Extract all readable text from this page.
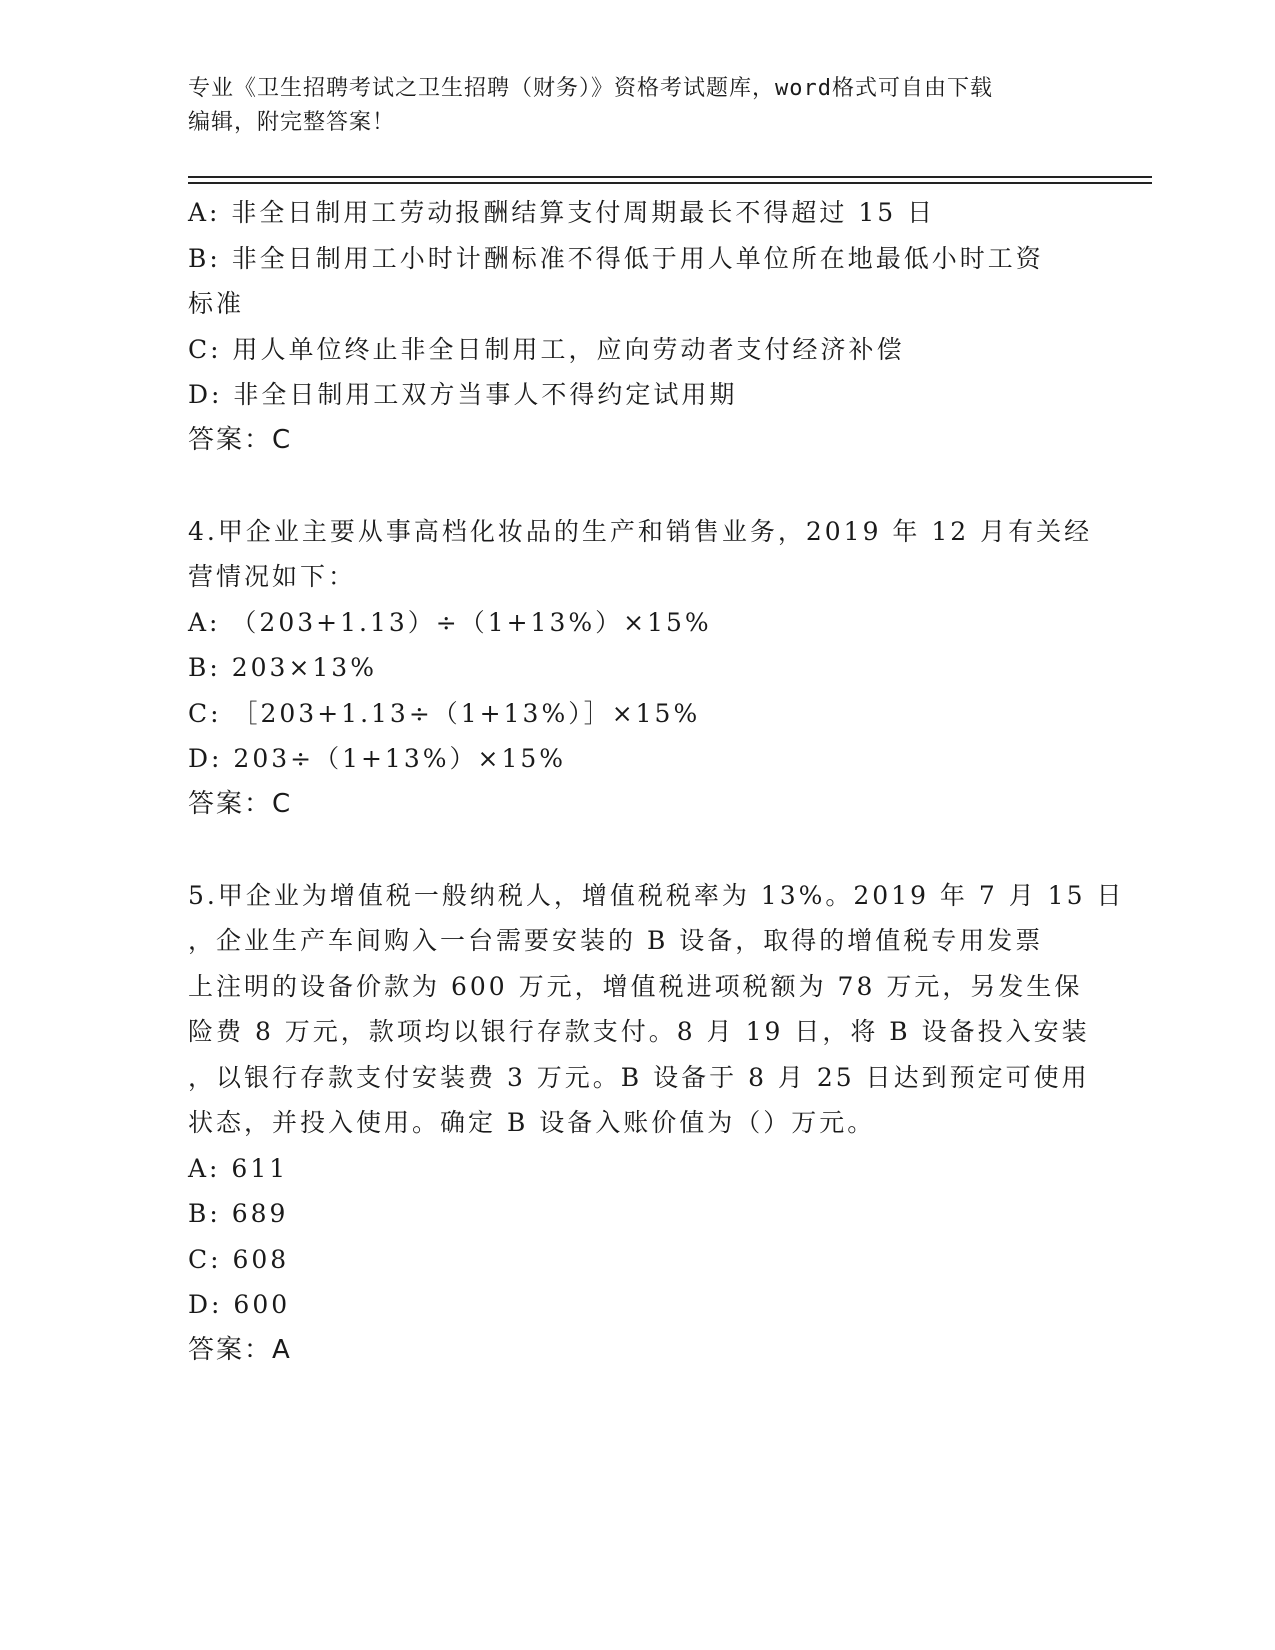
专业《卫生招聘考试之卫生招聘（财务）》资格考试题库，word格式可自由下载
编辑，附完整答案！
A: 非全日制用工劳动报酬结算支付周期最长不得超过 15 日
B: 非全日制用工小时计酬标准不得低于用人单位所在地最低小时工资
标准
C: 用人单位终止非全日制用工，应向劳动者支付经济补偿
D: 非全日制用工双方当事人不得约定试用期
答案：C
4.甲企业主要从事高档化妆品的生产和销售业务，2019 年 12 月有关经
营情况如下：
A: （203+1.13）÷（1+13%）×15%
B: 203×13%
C: ［203+1.13÷（1+13%）］×15%
D: 203÷（1+13%）×15%
答案：C
5.甲企业为增值税一般纳税人，增值税税率为 13%。2019 年 7 月 15 日
，企业生产车间购入一台需要安装的 B 设备，取得的增值税专用发票
上注明的设备价款为 600 万元，增值税进项税额为 78 万元，另发生保
险费 8 万元，款项均以银行存款支付。8 月 19 日，将 B 设备投入安装
，以银行存款支付安装费 3 万元。B 设备于 8 月 25 日达到预定可使用
状态，并投入使用。确定 B 设备入账价值为（）万元。
A: 611
B: 689
C: 608
D: 600
答案：A
